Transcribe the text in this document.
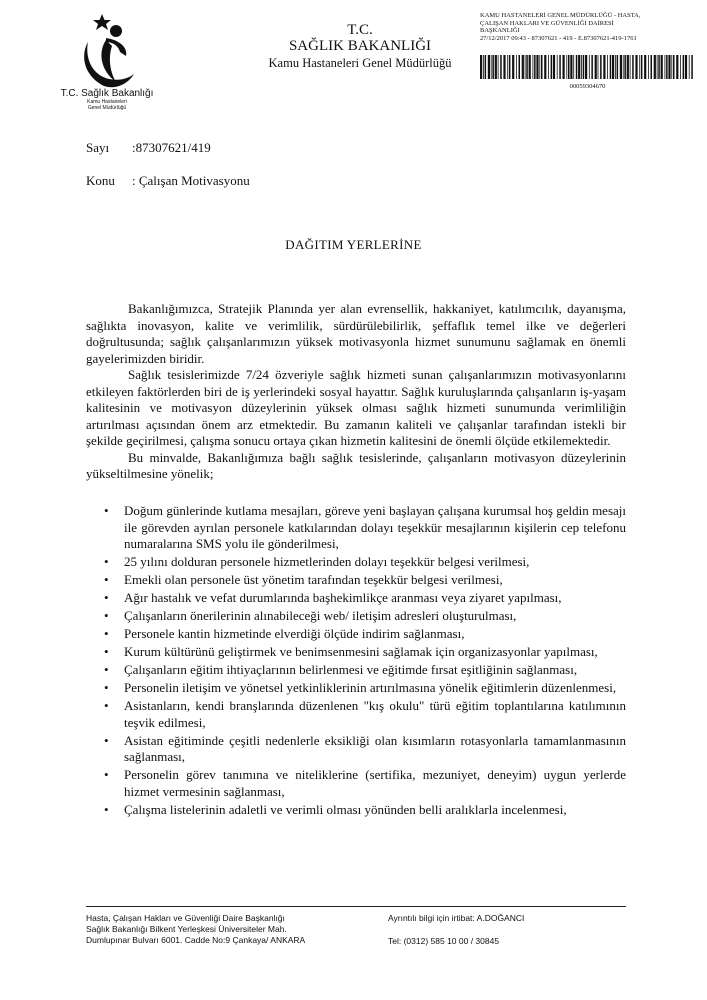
T.C. Sağlık Bakanlığı
Kamu Hastaneleri
Genel Müdürlüğü
T.C.
SAĞLIK BAKANLIĞI
Kamu Hastaneleri Genel Müdürlüğü
KAMU HASTANELERİ GENEL MÜDÜRLÜĞÜ - HASTA,
ÇALIŞAN HAKLARI VE GÜVENLİĞİ DAİRESİ
BAŞKANLIĞI
27/12/2017 09:43 - 87307621 - 419 - E.87307621-419-1761
00059304670
Sayı :87307621/419
Konu : Çalışan Motivasyonu
DAĞITIM YERLERİNE

Bakanlığımızca, Stratejik Planında yer alan evrensellik, hakkaniyet, katılımcılık, dayanışma, sağlıkta inovasyon, kalite ve verimlilik, sürdürülebilirlik, şeffaflık temel ilke ve değerleri doğrultusunda; sağlık çalışanlarımızın yüksek motivasyonla hizmet sunumunu sağlamak en önemli gayelerimizden biridir.

Sağlık tesislerimizde 7/24 özveriyle sağlık hizmeti sunan çalışanlarımızın motivasyonlarını etkileyen faktörlerden biri de iş yerlerindeki sosyal hayattır. Sağlık kuruluşlarında çalışanların iş-yaşam kalitesinin ve motivasyon düzeylerinin yüksek olması sağlık hizmeti sunumunda verimliliğin artırılması açısından önem arz etmektedir. Bu zamanın kaliteli ve çalışanlar tarafından istekli bir şekilde geçirilmesi, çalışma sonucu ortaya çıkan hizmetin kalitesini de önemli ölçüde etkilemektedir.

Bu minvalde, Bakanlığımıza bağlı sağlık tesislerinde, çalışanların motivasyon düzeylerinin yükseltilmesine yönelik;

• Doğum günlerinde kutlama mesajları, göreve yeni başlayan çalışana kurumsal hoş geldin mesajı ile görevden ayrılan personele katkılarından dolayı teşekkür mesajlarının kişilerin cep telefonu numaralarına SMS yolu ile gönderilmesi,
• 25 yılını dolduran personele hizmetlerinden dolayı teşekkür belgesi verilmesi,
• Emekli olan personele üst yönetim tarafından teşekkür belgesi verilmesi,
• Ağır hastalık ve vefat durumlarında başhekimlikçe aranması veya ziyaret yapılması,
• Çalışanların önerilerinin alınabileceği web/ iletişim adresleri oluşturulması,
• Personele kantin hizmetinde elverdiği ölçüde indirim sağlanması,
• Kurum kültürünü geliştirmek ve benimsenmesini sağlamak için organizasyonlar yapılması,
• Çalışanların eğitim ihtiyaçlarının belirlenmesi ve eğitimde fırsat eşitliğinin sağlanması,
• Personelin iletişim ve yönetsel yetkinliklerinin artırılmasına yönelik eğitimlerin düzenlenmesi,
• Asistanların, kendi branşlarında düzenlenen "kış okulu" türü eğitim toplantılarına katılımının teşvik edilmesi,
• Asistan eğitiminde çeşitli nedenlerle eksikliği olan kısımların rotasyonlarla tamamlanmasının sağlanması,
• Personelin görev tanımına ve niteliklerine (sertifika, mezuniyet, deneyim) uygun yerlerde hizmet vermesinin sağlanması,
• Çalışma listelerinin adaletli ve verimli olması yönünden belli aralıklarla incelenmesi,
Hasta, Çalışan Hakları ve Güvenliği Daire Başkanlığı
Sağlık Bakanlığı Bilkent Yerleşkesi Üniversiteler Mah.
Dumlupınar Bulvarı 6001. Cadde No:9 Çankaya/ ANKARA
Ayrıntılı bilgi için irtibat: A.DOĞANCI
Tel: (0312) 585 10 00 / 30845
